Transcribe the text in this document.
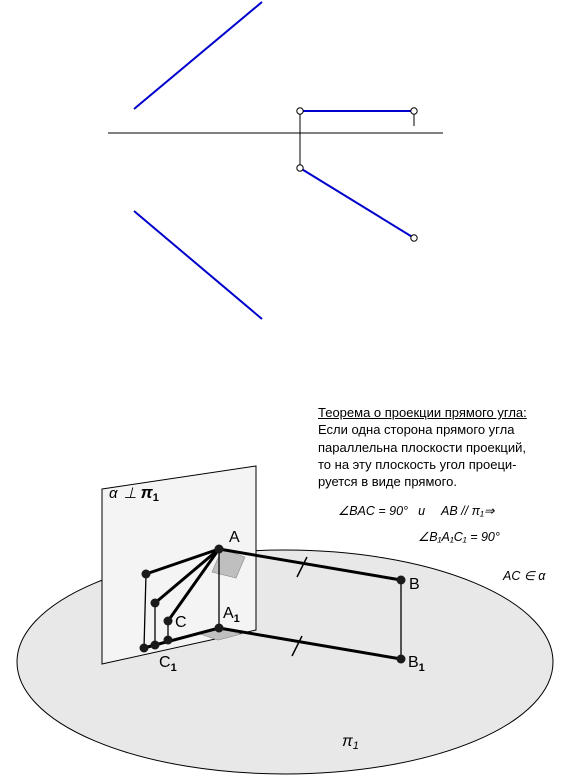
A
B
C
$A_1$
$B_1$
$C_1$
α ⊥ $\pi_1$
π1
∠BAC = 90° и AB // π₁⇒
∠B₁A₁C₁ = 90°
AC ∈ α
Теорема о проекции прямого угла:
Если одна сторона прямого угла
параллельна плоскости проекций,
то на эту плоскость угол проеци-
руется в виде прямого.
